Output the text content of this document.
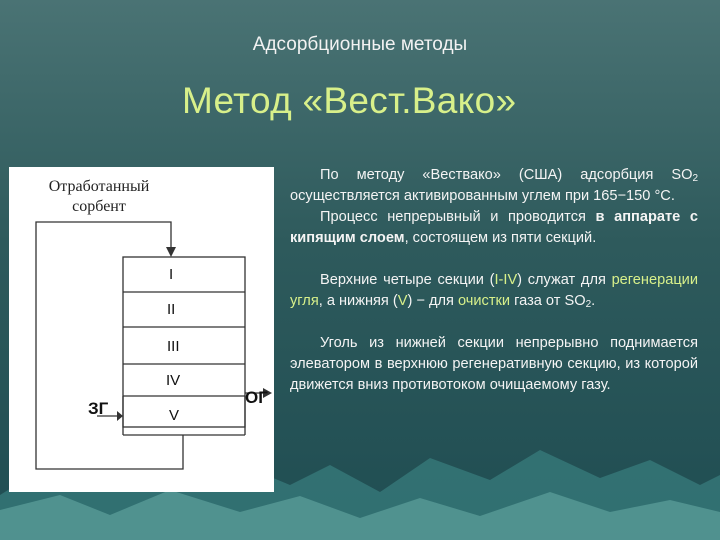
Адсорбционные методы
Метод «Вест.Вако»
Отработанный
сорбент
I
II
III
IV
V
ЗГ
ОГ

По методу «Веcтвако» (США) адсорбция $SO_2$ осуществляется активированным углем при 165−150 °С.

Процесс непрерывный и проводится в аппарате с кипящим слоем, состоящем из пяти секций.

Верхние четыре секции (I-IV) служат для регенерации угля, а нижняя (V) − для очистки газа от $SO_2$.

Уголь из нижней секции непрерывно поднимается элеватором в верхнюю регенеративную секцию, из которой движется вниз противотоком очищаемому газу.
